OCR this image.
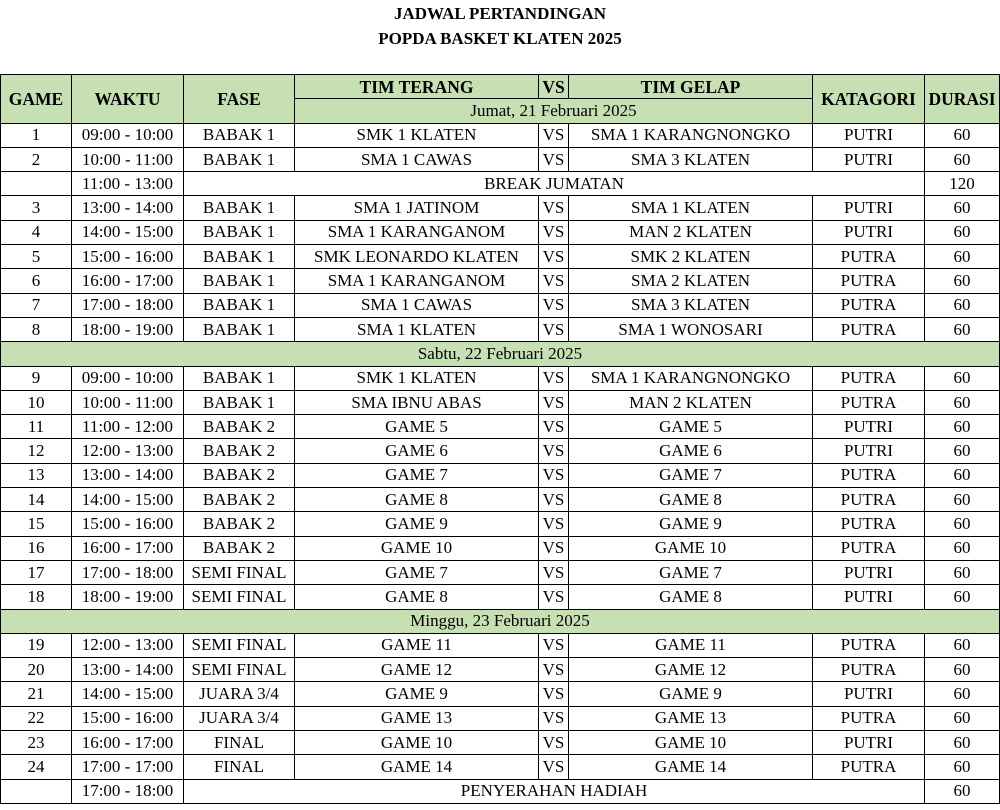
JADWAL PERTANDINGAN
POPDA BASKET KLATEN 2025
GAME	WAKTU	FASE	TIM TERANG	VS	TIM GELAP	KATAGORI	DURASI
			Jumat, 21 Februari 2025				
1	09:00 - 10:00	BABAK 1	SMK 1 KLATEN	VS	SMA 1 KARANGNONGKO	PUTRI	60
2	10:00 - 11:00	BABAK 1	SMA 1 CAWAS	VS	SMA 3 KLATEN	PUTRI	60
	11:00 - 13:00	BREAK JUMATAN					120
3	13:00 - 14:00	BABAK 1	SMA 1 JATINOM	VS	SMA 1 KLATEN	PUTRI	60
4	14:00 - 15:00	BABAK 1	SMA 1 KARANGANOM	VS	MAN 2 KLATEN	PUTRI	60
5	15:00 - 16:00	BABAK 1	SMK LEONARDO KLATEN	VS	SMK 2 KLATEN	PUTRA	60
6	16:00 - 17:00	BABAK 1	SMA 1 KARANGANOM	VS	SMA 2 KLATEN	PUTRA	60
7	17:00 - 18:00	BABAK 1	SMA 1 CAWAS	VS	SMA 3 KLATEN	PUTRA	60
8	18:00 - 19:00	BABAK 1	SMA 1 KLATEN	VS	SMA 1 WONOSARI	PUTRA	60
Sabtu, 22 Februari 2025							
9	09:00 - 10:00	BABAK 1	SMK 1 KLATEN	VS	SMA 1 KARANGNONGKO	PUTRA	60
10	10:00 - 11:00	BABAK 1	SMA IBNU ABAS	VS	MAN 2 KLATEN	PUTRA	60
11	11:00 - 12:00	BABAK 2	GAME 5	VS	GAME 5	PUTRI	60
12	12:00 - 13:00	BABAK 2	GAME 6	VS	GAME 6	PUTRI	60
13	13:00 - 14:00	BABAK 2	GAME 7	VS	GAME 7	PUTRA	60
14	14:00 - 15:00	BABAK 2	GAME 8	VS	GAME 8	PUTRA	60
15	15:00 - 16:00	BABAK 2	GAME 9	VS	GAME 9	PUTRA	60
16	16:00 - 17:00	BABAK 2	GAME 10	VS	GAME 10	PUTRA	60
17	17:00 - 18:00	SEMI FINAL	GAME 7	VS	GAME 7	PUTRI	60
18	18:00 - 19:00	SEMI FINAL	GAME 8	VS	GAME 8	PUTRI	60
Minggu, 23 Februari 2025							
19	12:00 - 13:00	SEMI FINAL	GAME 11	VS	GAME 11	PUTRA	60
20	13:00 - 14:00	SEMI FINAL	GAME 12	VS	GAME 12	PUTRA	60
21	14:00 - 15:00	JUARA 3/4	GAME 9	VS	GAME 9	PUTRI	60
22	15:00 - 16:00	JUARA 3/4	GAME 13	VS	GAME 13	PUTRA	60
23	16:00 - 17:00	FINAL	GAME 10	VS	GAME 10	PUTRI	60
24	17:00 - 17:00	FINAL	GAME 14	VS	GAME 14	PUTRA	60
	17:00 - 18:00	PENYERAHAN HADIAH					60
